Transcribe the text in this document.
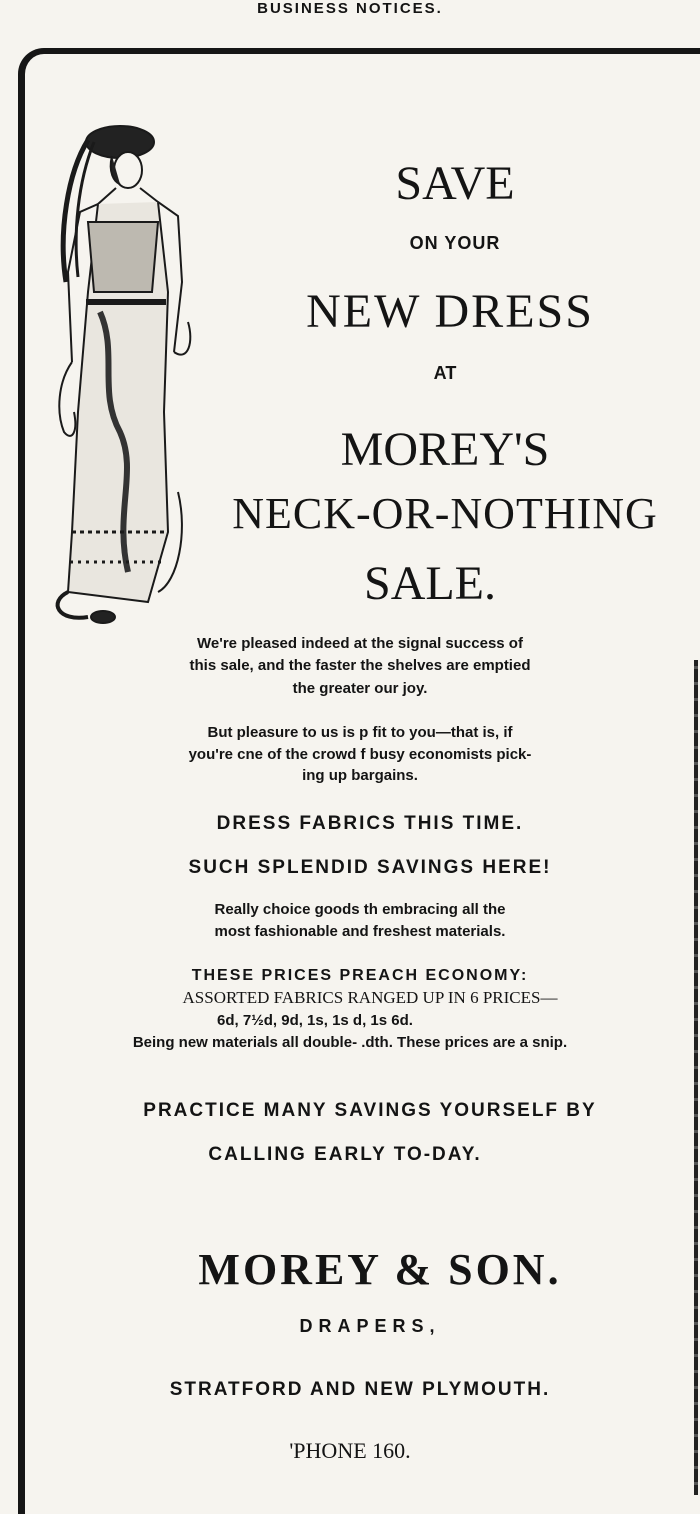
BUSINESS NOTICES.
SAVE
ON YOUR
NEW DRESS
AT
MOREY'S
NECK-OR-NOTHING
SALE.
We're pleased indeed at the signal success of
this sale, and the faster the shelves are emptied
the greater our joy.
But pleasure to us is p fit to you—that is, if
you're cne of the crowd f busy economists pick-
ing up bargains.
DRESS FABRICS THIS TIME.
SUCH SPLENDID SAVINGS HERE!
Really choice goods th embracing all the
most fashionable and freshest materials.
THESE PRICES PREACH ECONOMY:
ASSORTED FABRICS RANGED UP IN 6 PRICES—
6d, 7½d, 9d, 1s, 1s d, 1s 6d.
Being new materials all double- .dth. These prices are a snip.
PRACTICE MANY SAVINGS YOURSELF BY
CALLING EARLY TO-DAY.
MOREY & SON.
DRAPERS,
STRATFORD AND NEW PLYMOUTH.
'PHONE 160.
